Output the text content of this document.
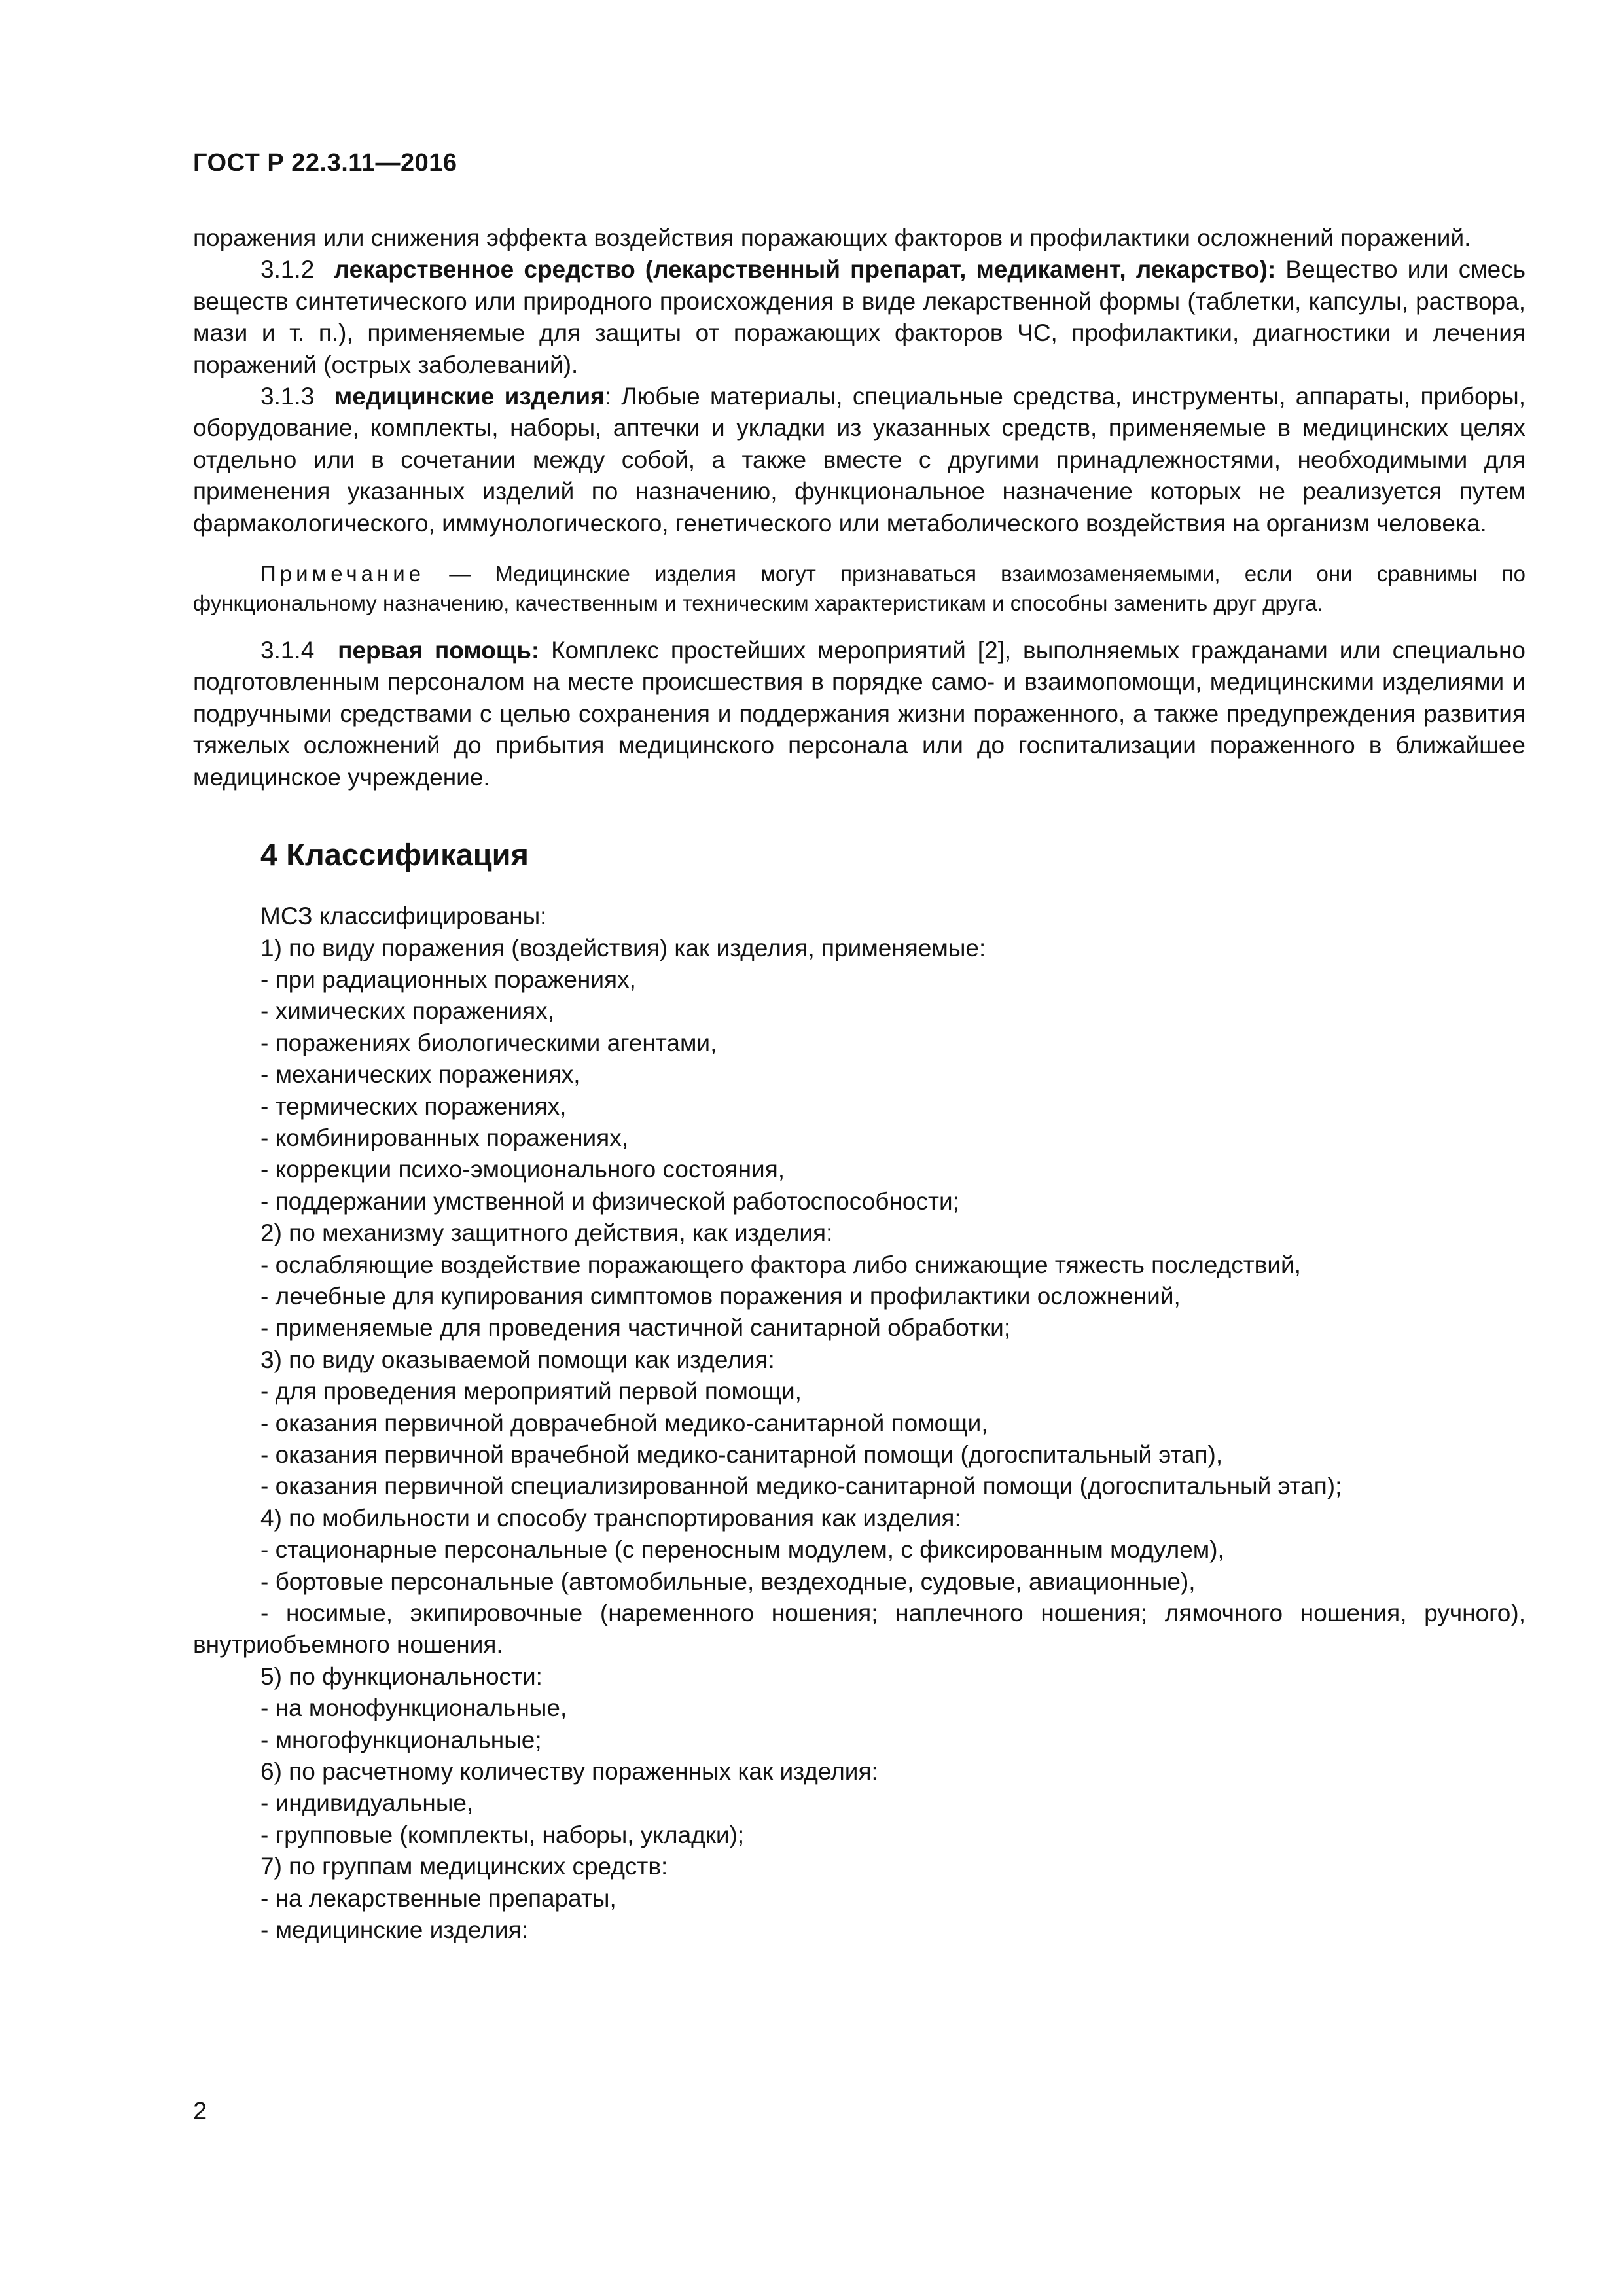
ГОСТ Р 22.3.11—2016

поражения или снижения эффекта воздействия поражающих факторов и профилактики осложнений поражений.

3.1.2 лекарственное средство (лекарственный препарат, медикамент, лекарство): Вещество или смесь веществ синтетического или природного происхождения в виде лекарственной формы (таблетки, капсулы, раствора, мази и т. п.), применяемые для защиты от поражающих факторов ЧС, профилактики, диагностики и лечения поражений (острых заболеваний).

3.1.3 медицинские изделия: Любые материалы, специальные средства, инструменты, аппараты, приборы, оборудование, комплекты, наборы, аптечки и укладки из указанных средств, применяемые в медицинских целях отдельно или в сочетании между собой, а также вместе с другими принадлежностями, необходимыми для применения указанных изделий по назначению, функциональное назначение которых не реализуется путем фармакологического, иммунологического, генетического или метаболического воздействия на организм человека.

Примечание — Медицинские изделия могут признаваться взаимозаменяемыми, если они сравнимы по функциональному назначению, качественным и техническим характеристикам и способны заменить друг друга.

3.1.4 первая помощь: Комплекс простейших мероприятий [2], выполняемых гражданами или специально подготовленным персоналом на месте происшествия в порядке само- и взаимопомощи, медицинскими изделиями и подручными средствами с целью сохранения и поддержания жизни пораженного, а также предупреждения развития тяжелых осложнений до прибытия медицинского персонала или до госпитализации пораженного в ближайшее медицинское учреждение.

4 Классификация
МСЗ классифицированы:
1) по виду поражения (воздействия) как изделия, применяемые:
- при радиационных поражениях,
- химических поражениях,
- поражениях биологическими агентами,
- механических поражениях,
- термических поражениях,
- комбинированных поражениях,
- коррекции психо-эмоционального состояния,
- поддержании умственной и физической работоспособности;
2) по механизму защитного действия, как изделия:
- ослабляющие воздействие поражающего фактора либо снижающие тяжесть последствий,
- лечебные для купирования симптомов поражения и профилактики осложнений,
- применяемые для проведения частичной санитарной обработки;
3) по виду оказываемой помощи как изделия:
- для проведения мероприятий первой помощи,
- оказания первичной доврачебной медико-санитарной помощи,
- оказания первичной врачебной медико-санитарной помощи (догоспитальный этап),
- оказания первичной специализированной медико-санитарной помощи (догоспитальный этап);
4) по мобильности и способу транспортирования как изделия:
- стационарные персональные (с переносным модулем, с фиксированным модулем),
- бортовые персональные (автомобильные, вездеходные, судовые, авиационные),

- носимые, экипировочные (наременного ношения; наплечного ношения; лямочного ношения, ручного), внутриобъемного ношения.

5) по функциональности:
- на монофункциональные,
- многофункциональные;
6) по расчетному количеству пораженных как изделия:
- индивидуальные,
- групповые (комплекты, наборы, укладки);
7) по группам медицинских средств:
- на лекарственные препараты,
- медицинские изделия:
2
